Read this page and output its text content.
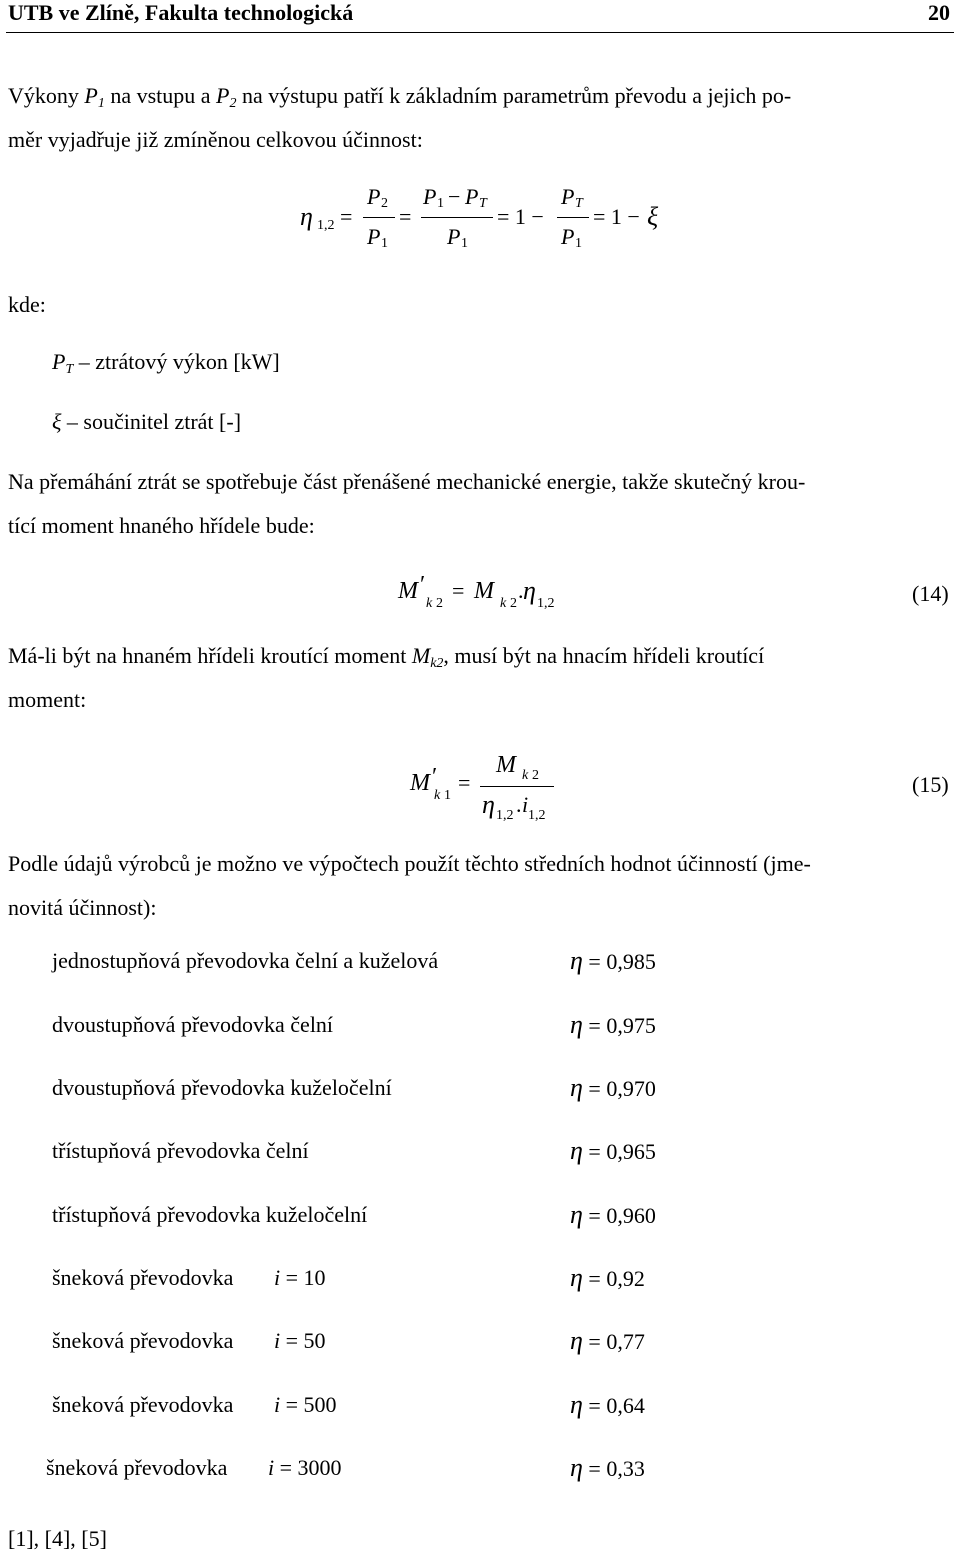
UTB ve Zlíně, Fakulta technologická	20
Výkony $P_1$ na vstupu a $P_2$ na výstupu patří k základním parametrům převodu a jejich po-
měr vyjadřuje již zmíněnou celkovou účinnost:
η 1,2 =
P 2
P 1
=
P 1 − P T
P 1
= 1 −
P T
P 1
= 1 − ξ
kde:
$P_T$ – ztrátový výkon [kW]
ξ – součinitel ztrát [-]
Na přemáhání ztrát se spotřebuje část přenášené mechanické energie, takže skutečný krou-
tící moment hnaného hřídele bude:
M ′
k 2
= M k 2
. η 1,2	(14)
Má-li být na hnaném hřídeli kroutící moment $M_{k2}$, musí být na hnacím hřídeli kroutící
moment:
M ′
k 1
=
M k 2
η 1,2 . i 1,2
(15)
Podle údajů výrobců je možno ve výpočtech použít těchto středních hodnot účinností (jme-
novitá účinnost):
jednostupňová převodovka čelní a kuželová	η = 0,985
dvoustupňová převodovka čelní	η = 0,975
dvoustupňová převodovka kuželočelní	η = 0,970
třístupňová převodovka čelní	η = 0,965
třístupňová převodovka kuželočelní	η = 0,960
šneková převodovka i = 10	η = 0,92
šneková převodovka i = 50	η = 0,77
šneková převodovka i = 500	η = 0,64
šneková převodovka i = 3000	η = 0,33
[1], [4], [5]
